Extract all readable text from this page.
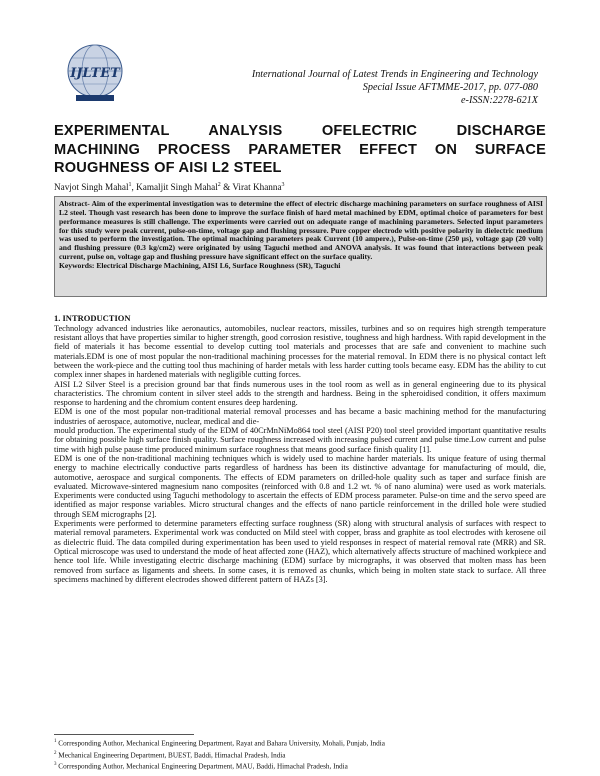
IJLTET	International Journal of Latest Trends in Engineering and Technology
Special Issue AFTMME-2017, pp. 077-080
e-ISSN:2278-621X
EXPERIMENTAL ANALYSIS OFELECTRIC DISCHARGE
MACHINING PROCESS PARAMETER EFFECT ON SURFACE
ROUGHNESS OF AISI L2 STEEL
Navjot Singh Mahal$^1$, Kamaljit Singh Mahal$^2$ & Virat Khanna$^3$
Abstract- Aim of the experimental investigation was to determine the effect of electric discharge machining parameters on surface roughness of AISI L2 steel. Though vast research has been done to improve the surface finish of hard metal machined by EDM, optimal choice of parameters for best performance measures is still challenge. The experiments were carried out on adequate range of machining parameters. Selected input parameters for this study were peak current, pulse-on-time, voltage gap and flushing pressure. Pure copper electrode with positive polarity in dielectric medium was used to perform the investigation. The optimal machining parameters peak Current (10 ampere.), Pulse-on-time (250 µs), voltage gap (20 volt) and flushing pressure (0.3 kg/cm2) were originated by using Taguchi method and ANOVA analysis. It was found that interactions between peak current, pulse on, voltage gap and flushing pressure have significant effect on the surface quality.
Keywords: Electrical Discharge Machining, AISI L6, Surface Roughness (SR), Taguchi
1. INTRODUCTION

Technology advanced industries like aeronautics, automobiles, nuclear reactors, missiles, turbines and so on requires high strength temperature resistant alloys that have properties similar to higher strength, good corrosion resistive, toughness and high hardness. With rapid development in the field of materials it has become essential to develop cutting tool materials and processes that are safe and convenient to machine such materials.EDM is one of most popular the non-traditional machining processes for the material removal. In EDM there is no physical contact left between the work-piece and the cutting tool thus machining of harder metals with less harder cutting tools became easy. EDM has the ability to cut complex inner shapes in hardened materials with negligible cutting forces.

AISI L2 Silver Steel is a precision ground bar that finds numerous uses in the tool room as well as in general engineering due to its physical characteristics. The chromium content in silver steel adds to the strength and hardness. Being in the spheroidised condition, it offers maximum response to hardening and the chromium content ensures deep hardening.

EDM is one of the most popular non-traditional material removal processes and has became a basic machining method for the manufacturing industries of aerospace, automotive, nuclear, medical and die-

mould production. The experimental study of the EDM of 40CrMnNiMo864 tool steel (AISI P20) tool steel provided important quantitative results for obtaining possible high surface finish quality. Surface roughness increased with increasing pulsed current and pulse time.Low current and pulse time with high pulse pause time produced minimum surface roughness that means good surface finish quality [1].

EDM is one of the non-traditional machining techniques which is widely used to machine harder materials. Its unique feature of using thermal energy to machine electrically conductive parts regardless of hardness has been its distinctive advantage for manufacturing of mould, die, automotive, aerospace and surgical components. The effects of EDM parameters on drilled-hole quality such as taper and surface finish are evaluated. Microwave-sintered magnesium nano composites (reinforced with 0.8 and 1.2 wt. % of nano alumina) were used as work materials. Experiments were conducted using Taguchi methodology to ascertain the effects of EDM process parameter. Pulse-on time and the servo speed are identified as major response variables. Micro structural changes and the effects of nano particle reinforcement in the drilled hole were studied through SEM micrographs [2].

Experiments were performed to determine parameters effecting surface roughness (SR) along with structural analysis of surfaces with respect to material removal parameters. Experimental work was conducted on Mild steel with copper, brass and graphite as tool electrodes with kerosene oil as dielectric fluid. The data compiled during experimentation has been used to yield responses in respect of material removal rate (MRR) and SR. Optical microscope was used to understand the mode of heat affected zone (HAZ), which alternatively affects structure of machined workpiece and hence tool life. While investigating electric discharge machining (EDM) surface by micrographs, it was observed that molten mass has been removed from surface as ligaments and sheets. In some cases, it is removed as chunks, which being in molten state stack to surface. All three specimens machined by different electrodes showed different pattern of HAZs [3].

$^1$ Corresponding Author, Mechanical Engineering Department, Rayat and Bahara University, Mohali, Punjab, India
$^2$ Mechanical Engineering Department, BUEST, Baddi, Himachal Pradesh, India
$^3$ Corresponding Author, Mechanical Engineering Department, MAU, Baddi, Himachal Pradesh, India
